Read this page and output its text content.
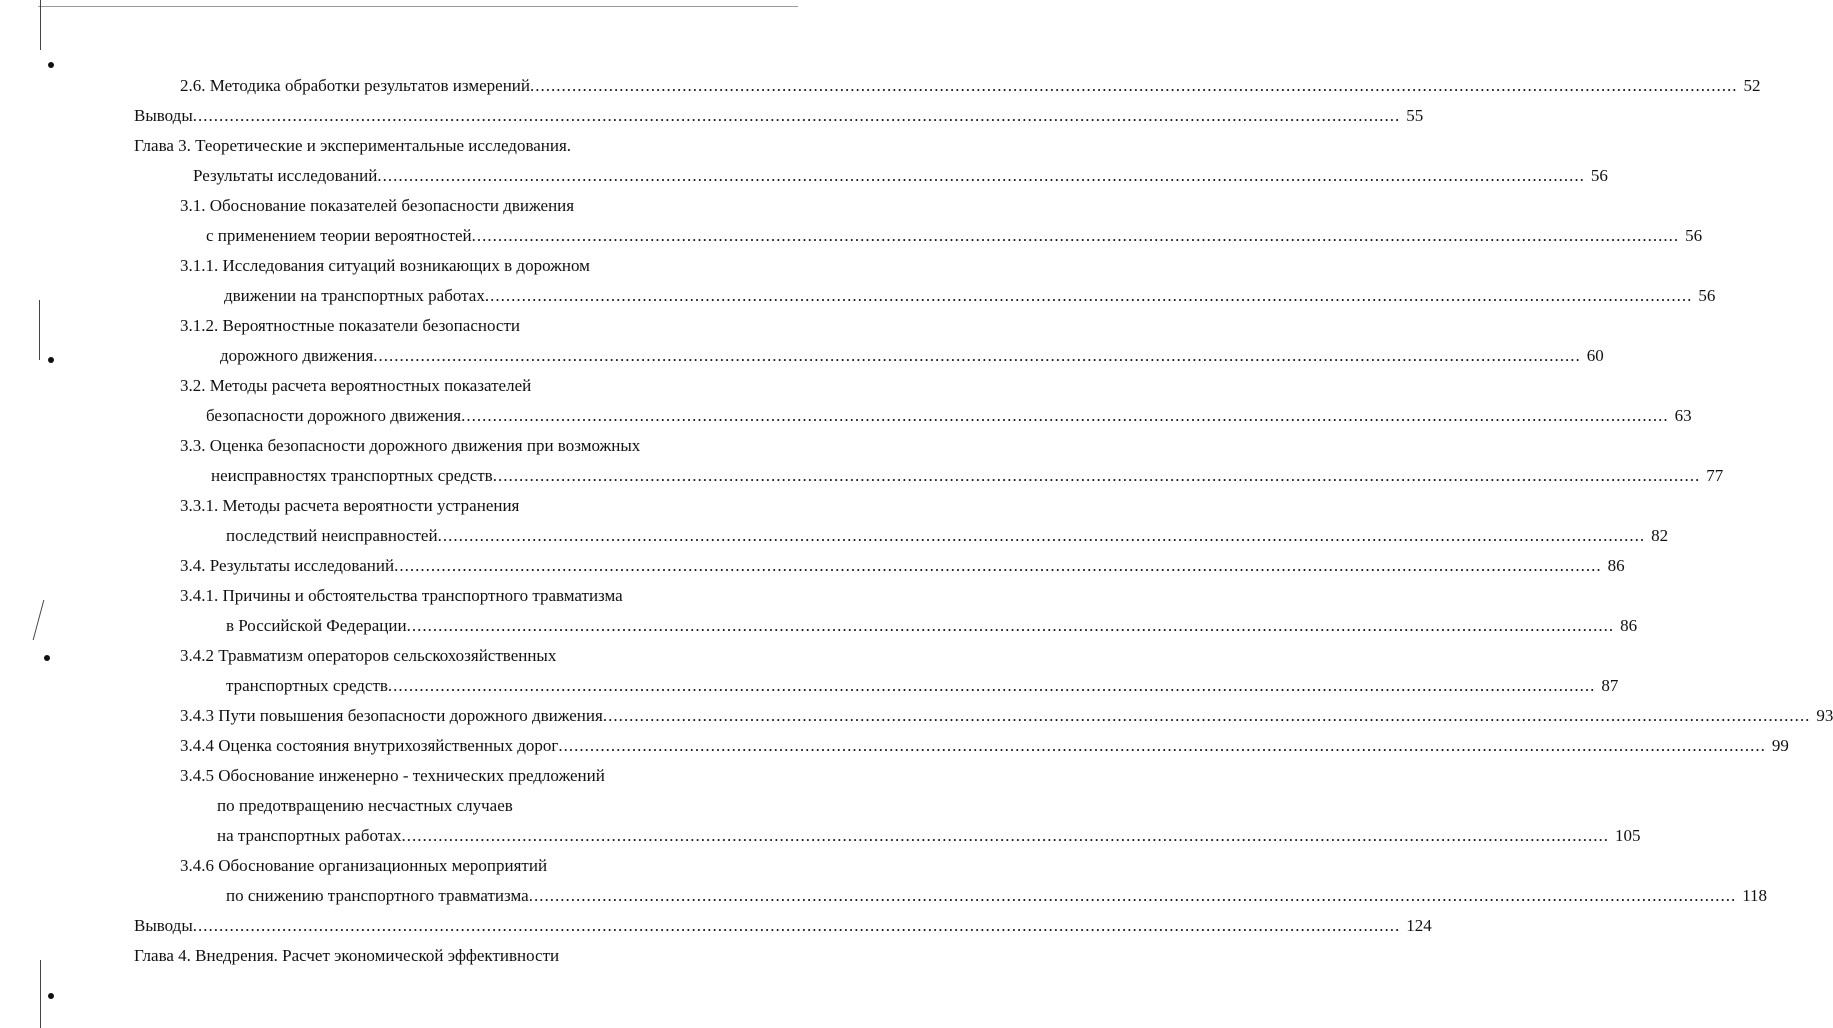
2.6. Методика обработки результатов измерений ...................................................................................................................................................................................................................................... 52
Выводы ...................................................................................................................................................................................................................................... 55
Глава 3. Теоретические и экспериментальные исследования.
Результаты исследований ...................................................................................................................................................................................................................................... 56
3.1. Обоснование показателей безопасности движения
с применением теории вероятностей ...................................................................................................................................................................................................................................... 56
3.1.1. Исследования ситуаций возникающих в дорожном
движении на транспортных работах ...................................................................................................................................................................................................................................... 56
3.1.2. Вероятностные показатели безопасности
дорожного движения ...................................................................................................................................................................................................................................... 60
3.2. Методы расчета вероятностных показателей
безопасности дорожного движения ...................................................................................................................................................................................................................................... 63
3.3. Оценка безопасности дорожного движения при возможных
неисправностях транспортных средств ...................................................................................................................................................................................................................................... 77
3.3.1. Методы расчета вероятности устранения
последствий неисправностей ...................................................................................................................................................................................................................................... 82
3.4. Результаты исследований ...................................................................................................................................................................................................................................... 86
3.4.1. Причины и обстоятельства транспортного травматизма
в Российской Федерации ...................................................................................................................................................................................................................................... 86
3.4.2 Травматизм операторов сельскохозяйственных
транспортных средств ...................................................................................................................................................................................................................................... 87
3.4.3 Пути повышения безопасности дорожного движения ...................................................................................................................................................................................................................................... 93
3.4.4 Оценка состояния внутрихозяйственных дорог ...................................................................................................................................................................................................................................... 99
3.4.5 Обоснование инженерно - технических предложений
по предотвращению несчастных случаев
на транспортных работах ...................................................................................................................................................................................................................................... 105
3.4.6 Обоснование организационных мероприятий
по снижению транспортного травматизма ...................................................................................................................................................................................................................................... 118
Выводы ...................................................................................................................................................................................................................................... 124
Глава 4. Внедрения. Расчет экономической эффективности
